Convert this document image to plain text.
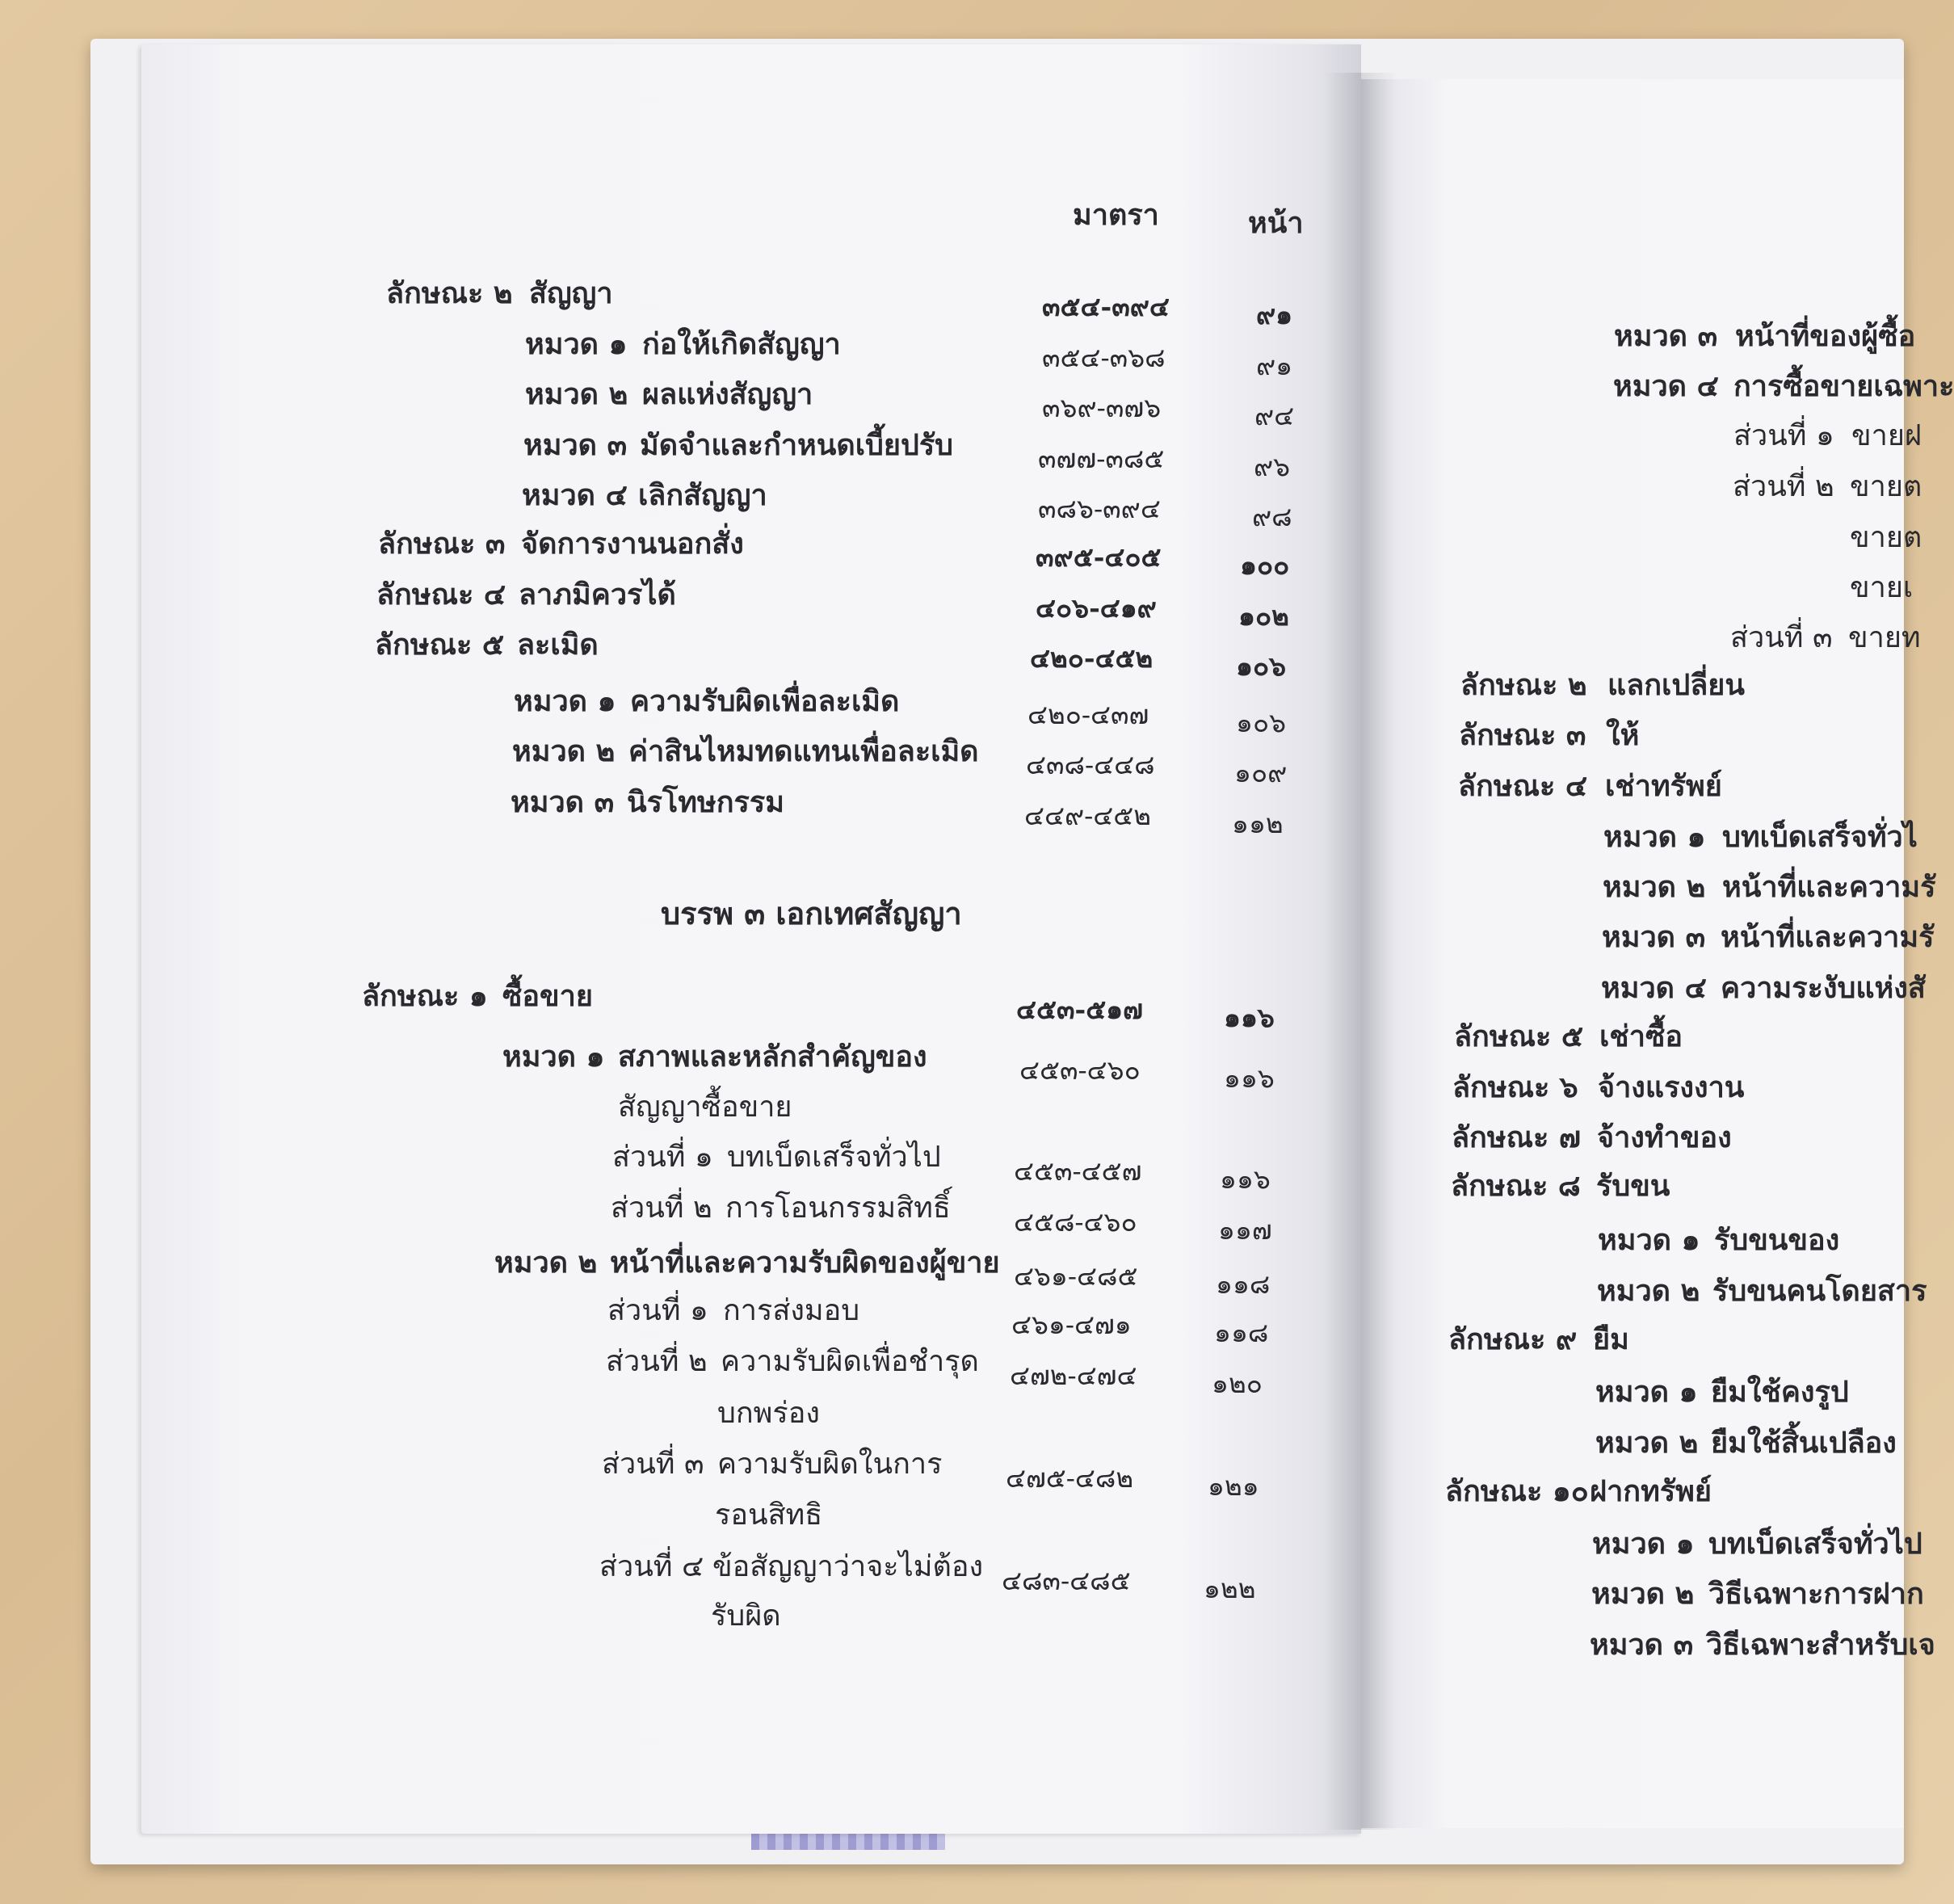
มาตรา	หน้า
บรรพ ๓ เอกเทศสัญญา
ลักษณะ ๒ สัญญา	๓๕๔-๓๙๔	๙๑
หมวด ๑ ก่อให้เกิดสัญญา	๓๕๔-๓๖๘	๙๑
หมวด ๒ ผลแห่งสัญญา	๓๖๙-๓๗๖	๙๔
หมวด ๓ มัดจำและกำหนดเบี้ยปรับ	๓๗๗-๓๘๕	๙๖
หมวด ๔ เลิกสัญญา	๓๘๖-๓๙๔	๙๘
ลักษณะ ๓ จัดการงานนอกสั่ง	๓๙๕-๔๐๕	๑๐๐
ลักษณะ ๔ ลาภมิควรได้	๔๐๖-๔๑๙	๑๐๒
ลักษณะ ๕ ละเมิด	๔๒๐-๔๕๒	๑๐๖
หมวด ๑ ความรับผิดเพื่อละเมิด	๔๒๐-๔๓๗	๑๐๖
หมวด ๒ ค่าสินไหมทดแทนเพื่อละเมิด ๔๓๘-๔๔๘	๑๐๙
หมวด ๓ นิรโทษกรรม	๔๔๙-๔๕๒	๑๑๒
ลักษณะ ๑ ซื้อขาย	๔๕๓-๕๑๗	๑๑๖
หมวด ๑ สภาพและหลักสำคัญของ
สัญญาซื้อขาย
๔๕๓-๔๖๐	๑๑๖
ส่วนที่ ๑ บทเบ็ดเสร็จทั่วไป	๔๕๓-๔๕๗	๑๑๖
ส่วนที่ ๒ การโอนกรรมสิทธิ์ ๔๕๘-๔๖๐	๑๑๗
หมวด ๒ หน้าที่และความรับผิดของผู้ขาย ๔๖๑-๔๘๕	๑๑๘
ส่วนที่ ๑ การส่งมอบ	๔๖๑-๔๗๑	๑๑๘
ส่วนที่ ๒ ความรับผิดเพื่อชำรุด
บกพร่อง
๔๗๒-๔๗๔	๑๒๐
ส่วนที่ ๓ ความรับผิดในการ
รอนสิทธิ
๔๗๕-๔๘๒	๑๒๑
ส่วนที่ ๔ ข้อสัญญาว่าจะไม่ต้อง
รับผิด
๔๘๓-๔๘๕	๑๒๒
หมวด ๓ หน้าที่ของผู้ซื้อ
หมวด ๔ การซื้อขายเฉพาะ
ส่วนที่ ๑ ขายฝ
ส่วนที่ ๒ ขายต
ขายต
ขายเ
ส่วนที่ ๓ ขายท
ลักษณะ ๒ แลกเปลี่ยน
ลักษณะ ๓ ให้
ลักษณะ ๔ เช่าทรัพย์
หมวด ๑ บทเบ็ดเสร็จทั่วไ
หมวด ๒ หน้าที่และความรั
หมวด ๓ หน้าที่และความรั
หมวด ๔ ความระงับแห่งสั
ลักษณะ ๕ เช่าซื้อ
ลักษณะ ๖ จ้างแรงงาน
ลักษณะ ๗ จ้างทำของ
ลักษณะ ๘ รับขน
หมวด ๑ รับขนของ
หมวด ๒ รับขนคนโดยสาร
ลักษณะ ๙ ยืม
หมวด ๑ ยืมใช้คงรูป
หมวด ๒ ยืมใช้สิ้นเปลือง
ลักษณะ ๑๐ ฝากทรัพย์
หมวด ๑ บทเบ็ดเสร็จทั่วไป
หมวด ๒ วิธีเฉพาะการฝาก
หมวด ๓ วิธีเฉพาะสำหรับเจ
